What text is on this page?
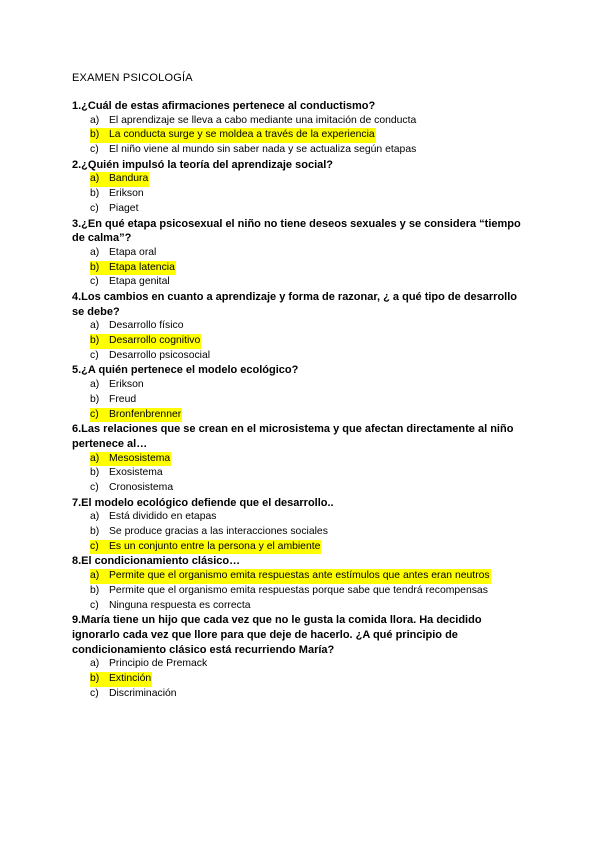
EXAMEN PSICOLOGÍA
1.¿Cuál de estas afirmaciones pertenece al conductismo?
a) El aprendizaje se lleva a cabo mediante una imitación de conducta
b) La conducta surge y se moldea a través de la experiencia
c) El niño viene al mundo sin saber nada y se actualiza según etapas
2.¿Quién impulsó la teoría del aprendizaje social?
a) Bandura
b) Erikson
c) Piaget
3.¿En qué etapa psicosexual el niño no tiene deseos sexuales y se considera “tiempo de calma”?
a) Etapa oral
b) Etapa latencia
c) Etapa genital
4.Los cambios en cuanto a aprendizaje y forma de razonar, ¿ a qué tipo de desarrollo se debe?
a) Desarrollo físico
b) Desarrollo cognitivo
c) Desarrollo psicosocial
5.¿A quién pertenece el modelo ecológico?
a) Erikson
b) Freud
c) Bronfenbrenner
6.Las relaciones que se crean en el microsistema y que afectan directamente al niño pertenece al…
a) Mesosistema
b) Exosistema
c) Cronosistema
7.El modelo ecológico defiende que el desarrollo..
a) Está dividido en etapas
b) Se produce gracias a las interacciones sociales
c) Es un conjunto entre la persona y el ambiente
8.El condicionamiento clásico…
a) Permite que el organismo emita respuestas ante estímulos que antes eran neutros
b) Permite que el organismo emita respuestas porque sabe que tendrá recompensas
c) Ninguna respuesta es correcta
9.María tiene un hijo que cada vez que no le gusta la comida llora. Ha decidido ignorarlo cada vez que llore para que deje de hacerlo. ¿A qué principio de condicionamiento clásico está recurriendo María?
a) Principio de Premack
b) Extinción
c) Discriminación
